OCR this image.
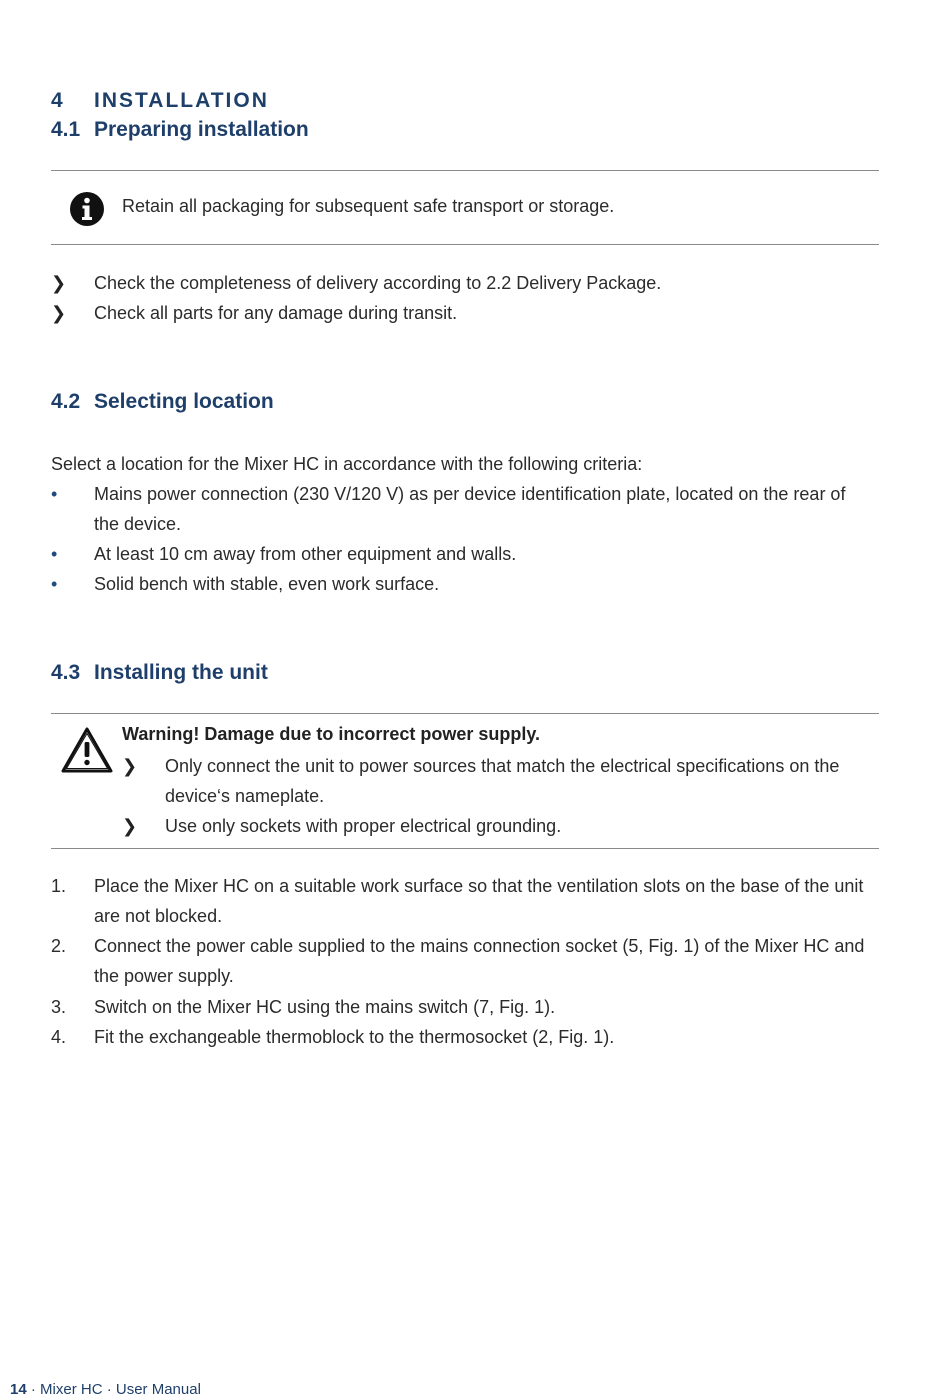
4 INSTALLATION
4.1 Preparing installation
Retain all packaging for subsequent safe transport or storage.
❯	Check the completeness of delivery according to 2.2 Delivery Package.
❯	Check all parts for any damage during transit.
4.2 Selecting location
Select a location for the Mixer HC in accordance with the following criteria:
•	Mains power connection (230 V/120 V) as per device identification plate, located on the rear of the device.
•	At least 10 cm away from other equipment and walls.
•	Solid bench with stable, even work surface.
4.3 Installing the unit
Warning! Damage due to incorrect power supply.
❯	Only connect the unit to power sources that match the electrical specifications on the device‘s nameplate.
❯	Use only sockets with proper electrical grounding.
1.	Place the Mixer HC on a suitable work surface so that the ventilation slots on the base of the unit are not blocked.
2.	Connect the power cable supplied to the mains connection socket (5, Fig. 1) of the Mixer HC and the power supply.
3.	Switch on the Mixer HC using the mains switch (7, Fig. 1).
4.	Fit the exchangeable thermoblock to the thermosocket (2, Fig. 1).
14 · Mixer HC · User Manual
